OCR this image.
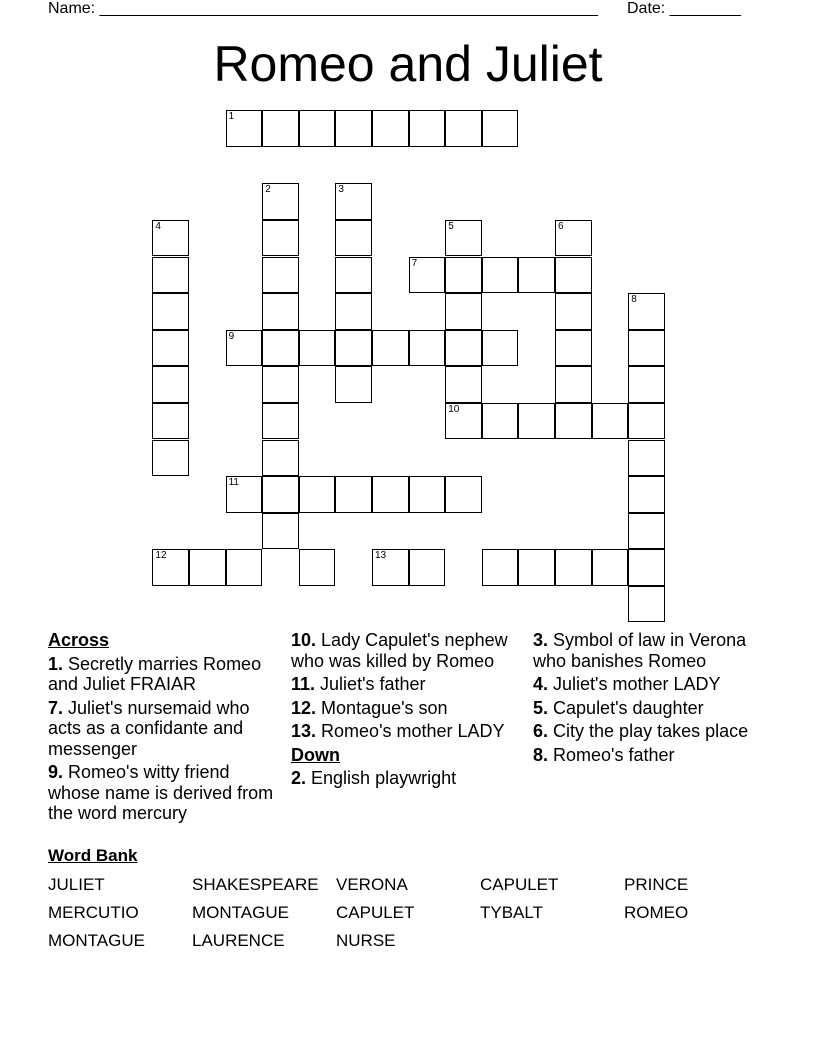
Name: ________________________________________________________ Date: ________
Romeo and Juliet
1
2	3
4	5
10
6
7
8
9
11
12	13
Across
1. Secretly marries Romeo and Juliet FRAIAR
7. Juliet's nursemaid who acts as a confidante and messenger
9. Romeo's witty friend whose name is derived from the word mercury
10. Lady Capulet's nephew who was killed by Romeo
11. Juliet's father
12. Montague's son
13. Romeo's mother LADY
Down
2. English playwright
3. Symbol of law in Verona who banishes Romeo
4. Juliet's mother LADY
5. Capulet's daughter
6. City the play takes place
8. Romeo's father
Word Bank
JULIET	SHAKESPEARE VERONA	CAPULET	PRINCE
MERCUTIO	MONTAGUE	CAPULET	TYBALT	ROMEO
MONTAGUE	LAURENCE	NURSE
